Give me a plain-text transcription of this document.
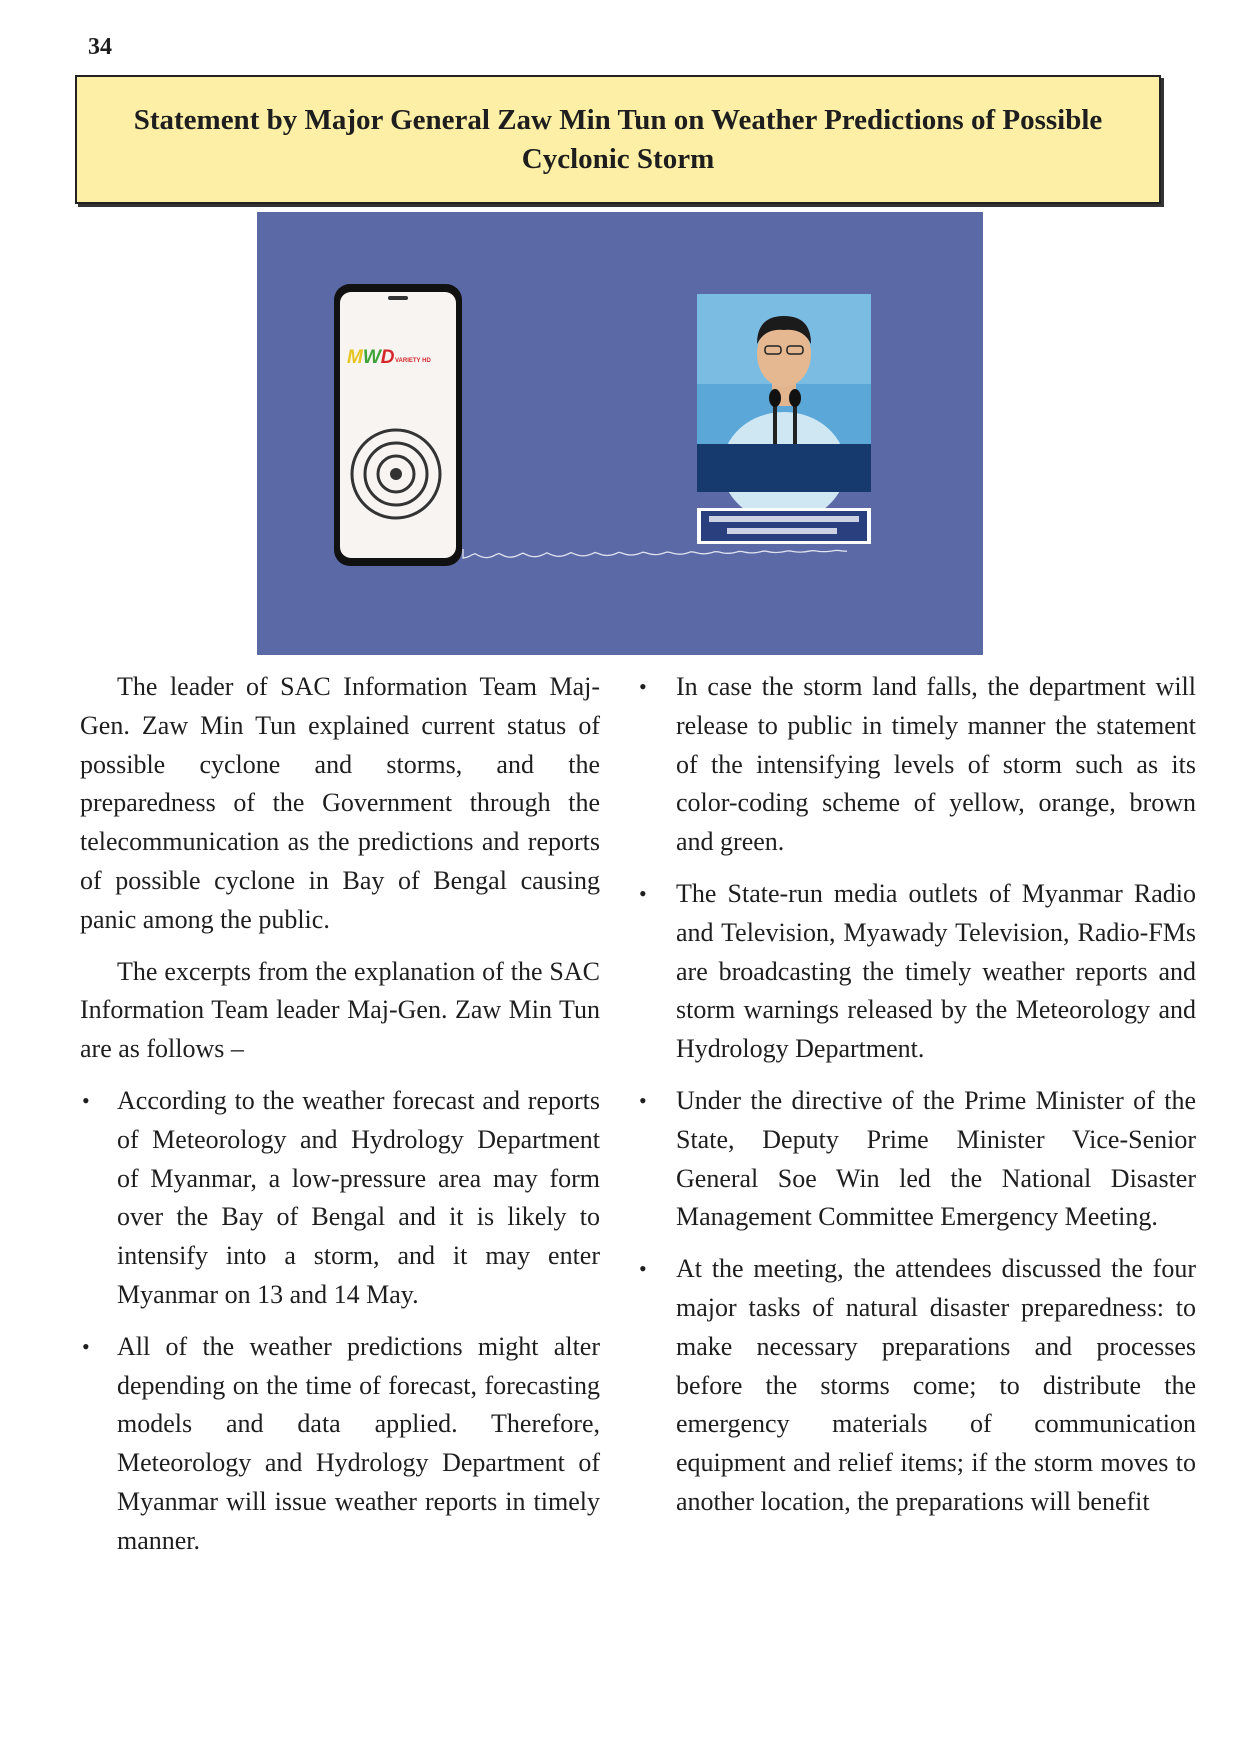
34
Statement by Major General Zaw Min Tun on Weather Predictions of Possible Cyclonic Storm
MWD VARIETY HD

The leader of SAC Information Team Maj-Gen. Zaw Min Tun explained current status of possible cyclone and storms, and the preparedness of the Government through the telecommunication as the predictions and reports of possible cyclone in Bay of Bengal causing panic among the public.

The excerpts from the explanation of the SAC Information Team leader Maj-Gen. Zaw Min Tun are as follows –

• According to the weather forecast and reports of Meteorology and Hydrology Department of Myanmar, a low-pressure area may form over the Bay of Bengal and it is likely to intensify into a storm, and it may enter Myanmar on 13 and 14 May.
• All of the weather predictions might alter depending on the time of forecast, forecasting models and data applied. Therefore, Meteorology and Hydrology Department of Myanmar will issue weather reports in timely manner.
• In case the storm land falls, the department will release to public in timely manner the statement of the intensifying levels of storm such as its color-coding scheme of yellow, orange, brown and green.
• The State-run media outlets of Myanmar Radio and Television, Myawady Television, Radio-FMs are broadcasting the timely weather reports and storm warnings released by the Meteorology and Hydrology Department.
• Under the directive of the Prime Minister of the State, Deputy Prime Minister Vice-Senior General Soe Win led the National Disaster Management Committee Emergency Meeting.
• At the meeting, the attendees discussed the four major tasks of natural disaster preparedness: to make necessary preparations and processes before the storms come; to distribute the emergency materials of communication equipment and relief items; if the storm moves to another location, the preparations will benefit
